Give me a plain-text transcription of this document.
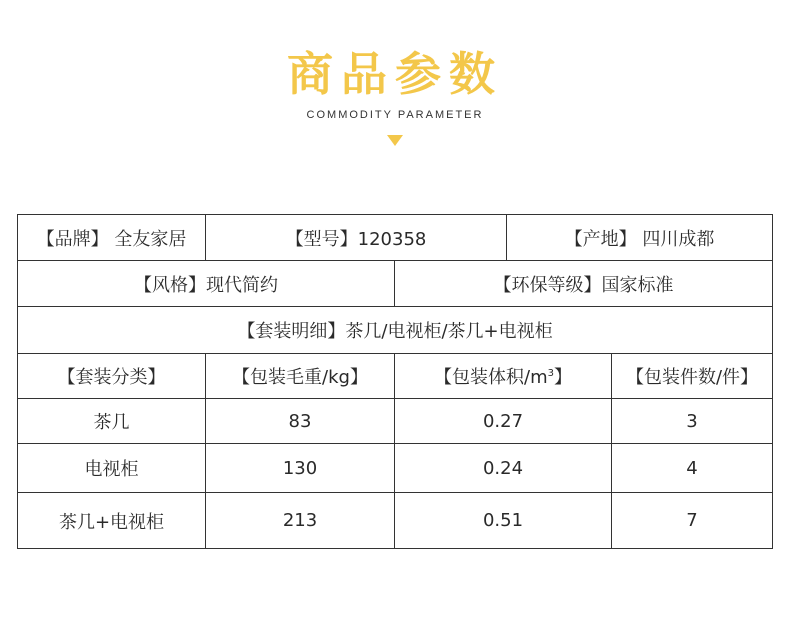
商品参数
COMMODITY PARAMETER
【品牌】 全友家居	【型号】120358		【产地】 四川成都	
【风格】现代简约		【环保等级】国家标准		
【套装明细】茶几/电视柜/茶几+电视柜				
【套装分类】	【包装毛重/kg】	【包装体积$/m^3$】		【包装件数/件】
茶几	83	0.27		3
电视柜	130	0.24		4
茶几+电视柜	213	0.51		7
